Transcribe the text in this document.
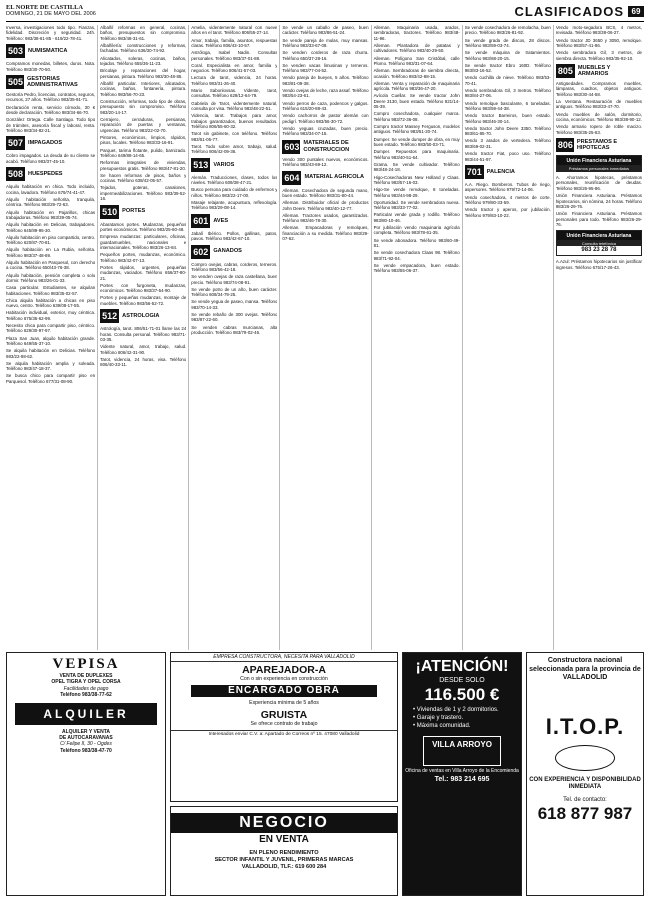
EL NORTE DE CASTILLA
DOMINGO, 21 DE MAYO DEL 2006	CLASIFICADOS 69

Inversa, investigaciones todo tipo. Fianzas, fidelidad. Discreción y seguridad. 24h. Teléfono: 983/38-61-85 - 619/22-78-41.

503 NUMISMATICA

Compramos monedas, billetes, duros. Nota. Teléfono 983/30-70-50.

505 GESTORIAS ADMINISTRATIVAS

Gestoría Pedro, licencias, contratos, seguros, recursos, 27 años. Teléfono 983/35-91-71.

Declaración renta, servicio cómodo, 30 € desde declaración. Teléfono 983/34-66-70.

González Ortega. Calle Santiago. Todo tipo de trámites, asesoría fiscal y laboral, renta. Teléfono 983/34-82-21.

507 IMPAGADOS

Cobro impagados. La deuda de su cliente se acabó. Teléfono 983/37-45-10.

508 HUESPEDES

Alquilo habitación en chica. Todo incluido, cocina, lavadora. Teléfono 679/74-41-47.

Alquilo habitación señorita, tranquila, céntrica. Teléfono 983/29-72-63.

Alquilo habitación en Pajarillos, chicas trabajadoras. Teléfono 983/39-05-74.

Alquilo habitación en Delicias, trabajadores. Teléfono 645/89-95-30.

Alquilo habitación en piso compartido, centro. Teléfono 620/87-70-81.

Alquilo habitación en La Rubia, señorita. Teléfono 983/37-48-89.

Alquilo habitación en Parquesol, con derecho a cocina. Teléfono 650/43-76-38.

Alquilo habitación, pensión completa o solo dormir. Teléfono 983/26-01-33.

Casa particular. Estudiantes, se alquilan habitaciones. Teléfono 983/35-02-57.

Chica alquila habitación a chicas en piso nuevo, centro. Teléfono 639/08-17-55.

Habitación individual, exterior, muy céntrica. Teléfono 675/35-62-99.

Necesito chica para compartir piso, céntrico. Teléfono 629/30-97-97.

Plaza San Juan, alquilo habitación grande. Teléfono 649/55-37-10.

Se alquila habitación en Delicias. Teléfono 983/22-98-62.

Se alquila habitación amplia y soleada. Teléfono 983/47-18-37.

Se busca chico para compartir piso en Parquesol. Teléfono 677/31-08-90.

Albañil reformas en general, cocinas, baños, presupuestos sin compromiso. Teléfono 983/48-31-61.

Albañilería: construcciones y reformas, fachadas. Teléfono 636/30-74-92.

Alicatados, soleras, cocinas, baños, tejados. Teléfono 655/36-11-23.

Bricolaje y reparaciones del hogar, persianas, pintura. Teléfono 983/30-48-85.

Albañil particular. Interiores, alicatados, cocinas, baños, fontanería, pintura. Teléfono 983/56-70-23.

Construcción, reformas, todo tipo de obras, presupuesto sin compromiso. Teléfono 983/20-14-17.

Cerrajero, cerraduras, persianas, reparación de puertas y ventanas, urgencias. Teléfono 983/22-02-70.

Pintores, económicos, limpios, rápidos, pisos, locales. Teléfono 983/33-16-91.

Parquet, tarima flotante, pulido, barnizado. Teléfono 649/88-14-65.

Reformas integrales de viviendas, presupuestos gratis. Teléfono 983/47-81-20.

Se hacen reformas de pisos, baños y cocinas. Teléfono 638/42-05-57.

Tejados, goteras, canalones, impermeabilizaciones. Teléfono 983/39-52-16.

510 PORTES

Abaratamos portes. Mudanzas, pequeños portes económicos. Teléfono 983/25-60-48.

Empresa mudanzas: particulares, oficinas, guardamuebles, nacionales e internacionales. Teléfono 983/26-13-84.

Pequeños portes, mudanzas, económico. Teléfono 983/42-07-13.

Portes rápidos, urgentes, pequeñas mudanzas, vaciados. Teléfono 656/37-80-21.

Portes con furgoneta, mudanzas, económicos. Teléfono 983/37-54-90.

Portes y pequeñas mudanzas, montaje de muebles. Teléfono 983/56-52-72.

512 ASTROLOGIA

Astrología, tarot. 806/51-71-01 llame las 24 horas. Consulta personal. Teléfono 983/71-03-35.

Vidente natural, amor, trabajo, salud. Teléfono 806/42-31-90.

Tarot, videncia, 24 horas, visa. Teléfono 806/40-33-11.

Amelia, videntemente natural con nueve años en el tarot. Teléfono 806/55-27-14.

Amor, trabajo, familia, asuntos, respuestas claras. Teléfono 806/43-10-57.

Astróloga, Isabel Nadin. Consultas personales. Teléfono 983/37-01-88.

Coral. Especialista en amor, familia y negocios. Teléfono 806/41-57-03.

Lectura de tarot, videncia, 24 horas. Teléfono 983/31-26-40.

Mario Sabonlovsas. Vidente, tarot, consultas. Teléfono 629/12-64-79.

Gabriela de Tarot, videntemente natural, consulta por visa. Teléfono 983/48-22-51.

Videncia, tarot. Trabajos para amor, trabajos garantizados, buenos resultados. Teléfono 806/55-60-32.

Tarot sin gabinete, con teléfono. Teléfono 983/51-05-77.

Tarot. Todo sobre amor, trabajo, salud. Teléfono 806/42-09-36.

513 VARIOS

Alemán. Traducciones, clases, todos los niveles. Teléfono 609/38-47-21.

Busco persona para cuidado de enfermos y niños. Teléfono 983/22-17-00.

Masaje relajante, acupuntura, reflexología. Teléfono 983/29-08-14.

601 AVES

Jabalí Ibérico. Pollos, gallinas, patos, pavos. Teléfono 983/42-67-10.

602 GANADOS

Compro ovejas, cabras, corderos, terneros. Teléfono 983/56-42-18.

Se venden ovejas de raza castellana, buen precio. Teléfono 983/74-08-91.

Se vende potro de un año, buen carácter. Teléfono 608/34-79-25.

Se vende yegua de paseo, mansa. Teléfono 983/70-14-33.

Se vende rebaño de 300 ovejas. Teléfono 983/87-22-60.

Se venden cabras murcianas, alta producción. Teléfono 983/79-02-46.

Se vende un caballo de paseo, buen carácter. Teléfono 983/86-51-24.

Se vende pareja de mulas, muy mansas. Teléfono 983/33-67-09.

Se venden corderos de raza churra. Teléfono 650/37-28-16.

Se venden vacas limusinas y terneros. Teléfono 983/77-04-52.

Vendo pareja de bueyes, 5 años. Teléfono 983/81-09-38.

Vendo ovejas de leche, raza assaf. Teléfono 983/54-23-61.

Vendo perros de caza, podencos y galgos. Teléfono 615/20-88-43.

Vendo cachorros de pastor alemán con pedigrí. Teléfono 983/56-30-72.

Vendo yeguas cruzadas, buen precio. Teléfono 983/34-07-15.

603 MATERIALES DE CONSTRUCCION

Vendo 300 puntales nuevos, económicos. Teléfono 983/43-69-12.

604 MATERIAL AGRICOLA

Alleman. Cosechadora de segunda mano, buen estado. Teléfono 983/31-80-44.

Alleman. Distribuidor oficial de productos John Deere. Teléfono 983/40-12-77.

Alleman. Tractores usados, garantizados. Teléfono 983/46-78-30.

Alleman. Empacadoras y remolques, financiación a su medida. Teléfono 983/29-07-62.

Alleman. Maquinaria usada, arados, sembradoras, tractores. Teléfono 983/48-11-96.

Alleman. Plantadora de patatas y cultivadores. Teléfono 983/40-29-50.

Alleman. Polígono San Cristóbal, calle Plomo. Teléfono 983/31-07-64.

Alleman. Sembradoras de siembra directa, ocasión. Teléfono 983/42-88-15.

Alleman. Venta y reparación de maquinaria agrícola. Teléfono 983/36-47-20.

Avícola Cuellar. Se vende tractor John Deere 3130, buen estado. Teléfono 921/14-05-39.

Compro cosechadora, cualquier marca. Teléfono 983/72-36-08.

Compro tractor Massey Ferguson, modelos antiguos. Teléfono 983/51-20-74.

Dumper. Se vende dumper de obra, en muy buen estado. Teléfono 983/50-03-71.

Dumper. Repuestos para maquinaria. Teléfono 983/40-51-64.

Grama. Se vende cultivador. Teléfono 983/48-24-18.

Higo-Cosechadoras New Holland y Claas. Teléfono 983/57-16-03.

Higo-Se vende remolque, 8 toneladas. Teléfono 983/44-98-29.

Oportunidad. Se vende sembradora nueva. Teléfono 983/33-77-02.

Particular vende grada y rodillo. Teléfono 983/80-10-46.

Por jubilación vendo maquinaria agrícola completa. Teléfono 983/78-61-35.

Se vende abonadora. Teléfono 983/60-49-81.

Se vende cosechadora Claas 98. Teléfono 983/71-92-04.

Se vende empacadora, buen estado. Teléfono 983/55-06-37.

Se vende cosechadora de remolacha, buen precio. Teléfono 983/26-81-92.

Se vende grada de discos, 28 discos. Teléfono 983/59-03-74.

Se vende máquina de tratamientos. Teléfono 983/68-20-15.

Se vende tractor Ebro 160D. Teléfono 983/83-16-52.

Vendo cuchilla de nieve. Teléfono 983/53-70-41.

Vendo sembradora Gil, 3 metros. Teléfono 983/84-27-06.

Vendo remolque basculante, 6 toneladas. Teléfono 983/59-44-38.

Vendo tractor Barreiros, buen estado. Teléfono 983/46-30-14.

Vendo tractor John Deere 3350. Teléfono 983/61-85-70.

Vendo 3 arados de vertedera. Teléfono 983/69-02-31.

Vendo tractor Fiat, poco uso. Teléfono 983/44-51-97.

701 PALENCIA

A.A. Riego. Bomberos. Tubos de riego, aspersores. Teléfono 979/72-14-06.

Vendo cosechadora, 4 metros de corte. Teléfono 979/80-33-59.

Vendo tractor y aperos, por jubilación. Teléfono 979/83-10-22.

Vendo moto-segadora BCS, 4 metros, revisada. Teléfono 983/38-06-27.

Vendo tractor JD 3650 y 3050, remolque. Teléfono 983/57-41-86.

Vendo sembradora Gil, 3 metros, de siembra directa. Teléfono 983/35-92-10.

805 MUEBLES Y ARMARIOS

Antigüedades. Compramos muebles, lámparas, cuadros, objetos antiguos. Teléfono 983/30-44-58.

La Ventana. Restauración de muebles antiguos. Teléfono 983/33-47-70.

Vendo muebles de salón, dormitorio, cocina, económicos. Teléfono 983/38-90-12.

Vendo armario ropero de roble macizo. Teléfono 983/35-25-63.

806 PRESTAMOS E HIPOTECAS
Unión Financiera Asturiana
Préstamos personales inmediatos

A. Ahorramos hipotecas, préstamos personales, reunificación de deudas. Teléfono 983/26-95-86.

Unión Financiera Asturiana. Préstamos hipotecarios, sin nómina, 24 horas. Teléfono 983/26-29-76.

Unión Financiera Asturiana. Préstamos personales para todo. Teléfono 983/26-29-76.

Unión Financiera Asturiana
Consulta telefónica
983 23 28 78

A.Azul: Préstamos hipotecarios sin justificar ingresos. Teléfono 675/17-26-43.

VEPISA
VENTA DE DUPLEXES
OPEL TIGRA Y OPEL CORSA
Facilidades de pago
Teléfono 983/38-77-62
ALQUILER
ALQUILER Y VENTA
DE AUTOCARAVANAS
C/ Felipe II, 30 - Ogdes
Teléfono 983/38-47-70
EMPRESA CONSTRUCTORA, NECESITA PARA VALLADOLID
APAREJADOR-A
Con o sin experiencia en construcción
ENCARGADO OBRA
Experiencia mínima de 5 años
GRUISTA
Se ofrece contrato de trabajo
Interesados enviar C.V. a: Apartado de Correos nº 15. 47080 Valladolid
NEGOCIO
EN VENTA
EN PLENO RENDIMIENTO
SECTOR INFANTIL Y JUVENIL, PRIMERAS MARCAS
VALLADOLID, TLF.: 619 600 284
¡ATENCIÓN!
DESDE SOLO
116.500 €
• Viviendas de 1 y 2 dormitorios.
• Garaje y trastero.
• Máxima comunidad.
VILLA ARROYO
Oficina de ventas en Villa Arroyo de la Encomienda
Tel.: 983 214 695
Constructora nacional seleccionada para la provincia de VALLADOLID
I.T.O.P.
CON EXPERIENCIA Y DISPONIBILIDAD INMEDIATA
Tel. de contacto:
618 877 987
